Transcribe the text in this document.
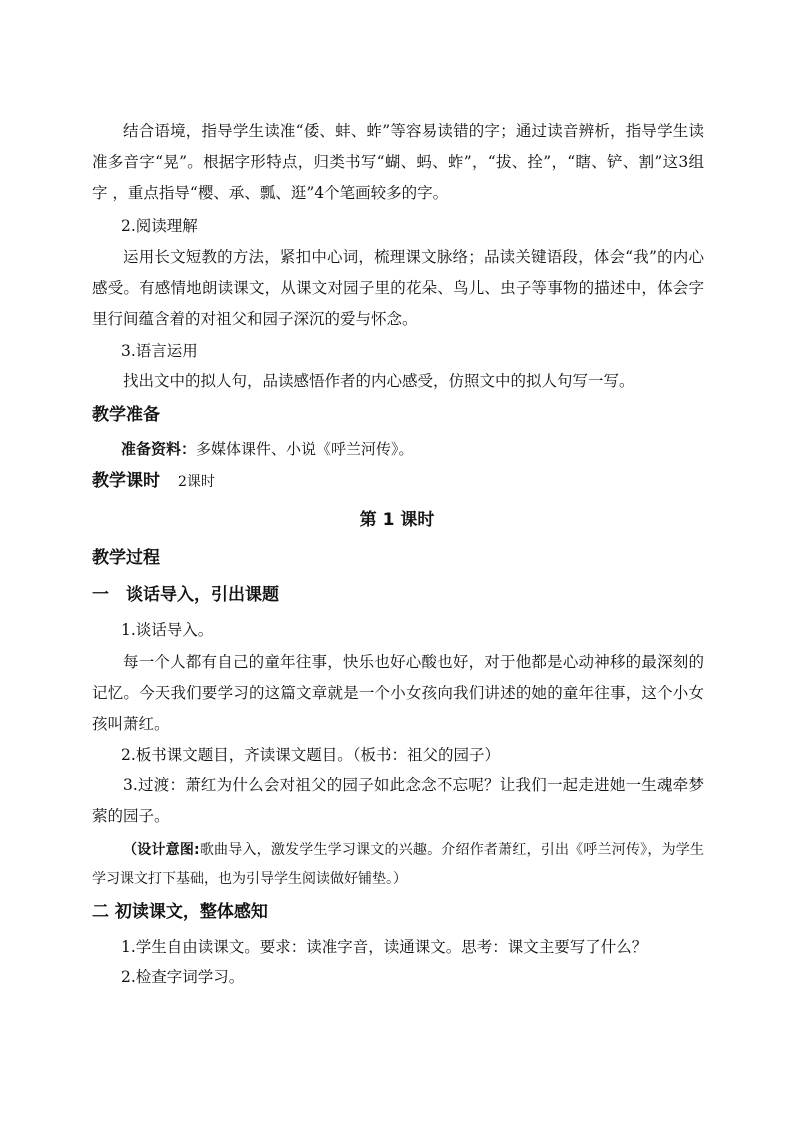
结合语境，指导学生读准“倭、蚌、蚱”等容易读错的字；通过读音辨析，指导学生读准多音字“晃”。根据字形特点，归类书写“蝴、蚂、蚱”，“拔、拴”，“瞎、铲、割”这3组字 ，重点指导“樱、承、瓢、逛”4个笔画较多的字。

2.阅读理解

运用长文短教的方法，紧扣中心词，梳理课文脉络；品读关键语段，体会“我”的内心感受。有感情地朗读课文，从课文对园子里的花朵、鸟儿、虫子等事物的描述中，体会字里行间蕴含着的对祖父和园子深沉的爱与怀念。

3.语言运用

找出文中的拟人句，品读感悟作者的内心感受，仿照文中的拟人句写一写。

教学准备

准备资料：多媒体课件、小说《呼兰河传》。

教学课时 2课时

第 1 课时

教学过程

一　谈话导入，引出课题

1.谈话导入。

每一个人都有自己的童年往事，快乐也好心酸也好，对于他都是心动神移的最深刻的记忆。今天我们要学习的这篇文章就是一个小女孩向我们讲述的她的童年往事，这个小女孩叫萧红。

2.板书课文题目，齐读课文题目。（板书：祖父的园子）

3.过渡：萧红为什么会对祖父的园子如此念念不忘呢？让我们一起走进她一生魂牵梦萦的园子。

（设计意图:歌曲导入，激发学生学习课文的兴趣。介绍作者萧红，引出《呼兰河传》，为学生学习课文打下基础，也为引导学生阅读做好铺垫。）

二 初读课文，整体感知

1.学生自由读课文。要求：读准字音，读通课文。思考：课文主要写了什么？

2.检查字词学习。
